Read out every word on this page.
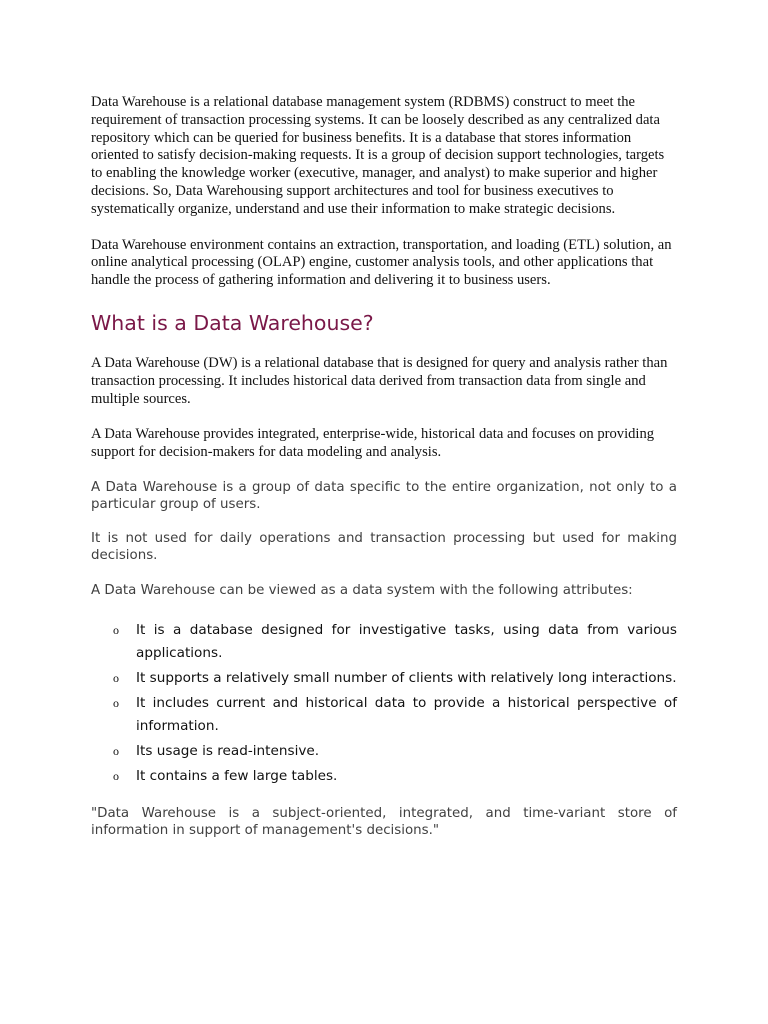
Data Warehouse is a relational database management system (RDBMS) construct to meet the requirement of transaction processing systems. It can be loosely described as any centralized data repository which can be queried for business benefits. It is a database that stores information oriented to satisfy decision-making requests. It is a group of decision support technologies, targets to enabling the knowledge worker (executive, manager, and analyst) to make superior and higher decisions. So, Data Warehousing support architectures and tool for business executives to systematically organize, understand and use their information to make strategic decisions.

Data Warehouse environment contains an extraction, transportation, and loading (ETL) solution, an online analytical processing (OLAP) engine, customer analysis tools, and other applications that handle the process of gathering information and delivering it to business users.

What is a Data Warehouse?

A Data Warehouse (DW) is a relational database that is designed for query and analysis rather than transaction processing. It includes historical data derived from transaction data from single and multiple sources.

A Data Warehouse provides integrated, enterprise-wide, historical data and focuses on providing support for decision-makers for data modeling and analysis.

A Data Warehouse is a group of data specific to the entire organization, not only to a particular group of users.

It is not used for daily operations and transaction processing but used for making decisions.

A Data Warehouse can be viewed as a data system with the following attributes:

o It is a database designed for investigative tasks, using data from various applications.
o It supports a relatively small number of clients with relatively long interactions.
o It includes current and historical data to provide a historical perspective of information.
o Its usage is read-intensive.
o It contains a few large tables.

"Data Warehouse is a subject-oriented, integrated, and time-variant store of information in support of management's decisions."
